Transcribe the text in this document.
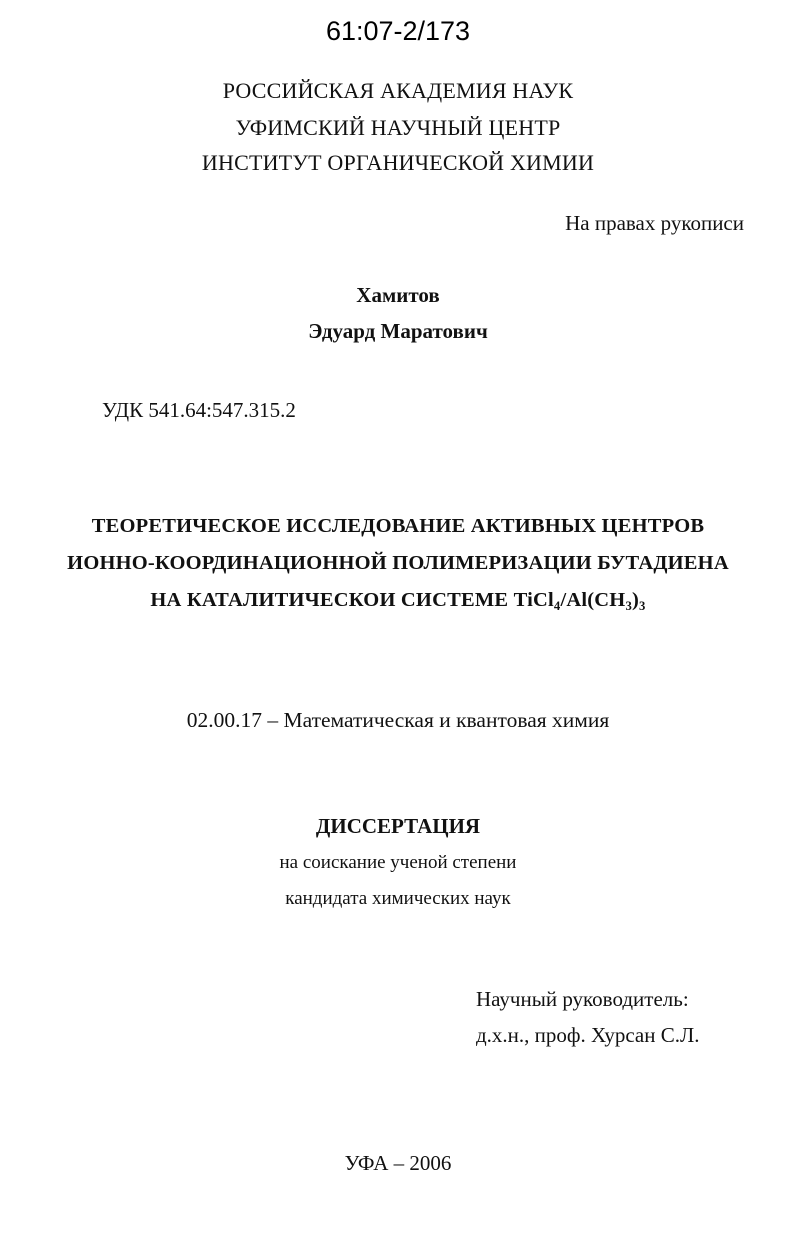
61:07-2/173
РОССИЙСКАЯ АКАДЕМИЯ НАУК
УФИМСКИЙ НАУЧНЫЙ ЦЕНТР
ИНСТИТУТ ОРГАНИЧЕСКОЙ ХИМИИ
На правах рукописи
Хамитов
Эдуард Маратович
УДК 541.64:547.315.2
ТЕОРЕТИЧЕСКОЕ ИССЛЕДОВАНИЕ АКТИВНЫХ ЦЕНТРОВ
ИОННО-КООРДИНАЦИОННОЙ ПОЛИМЕРИЗАЦИИ БУТАДИЕНА
НА КАТАЛИТИЧЕСКОИ СИСТЕМЕ $TiCl_4/Al(CH_3)_3$
02.00.17 – Математическая и квантовая химия
ДИССЕРТАЦИЯ
на соискание ученой степени
кандидата химических наук
Научный руководитель:
д.х.н., проф. Хурсан С.Л.
УФА – 2006
